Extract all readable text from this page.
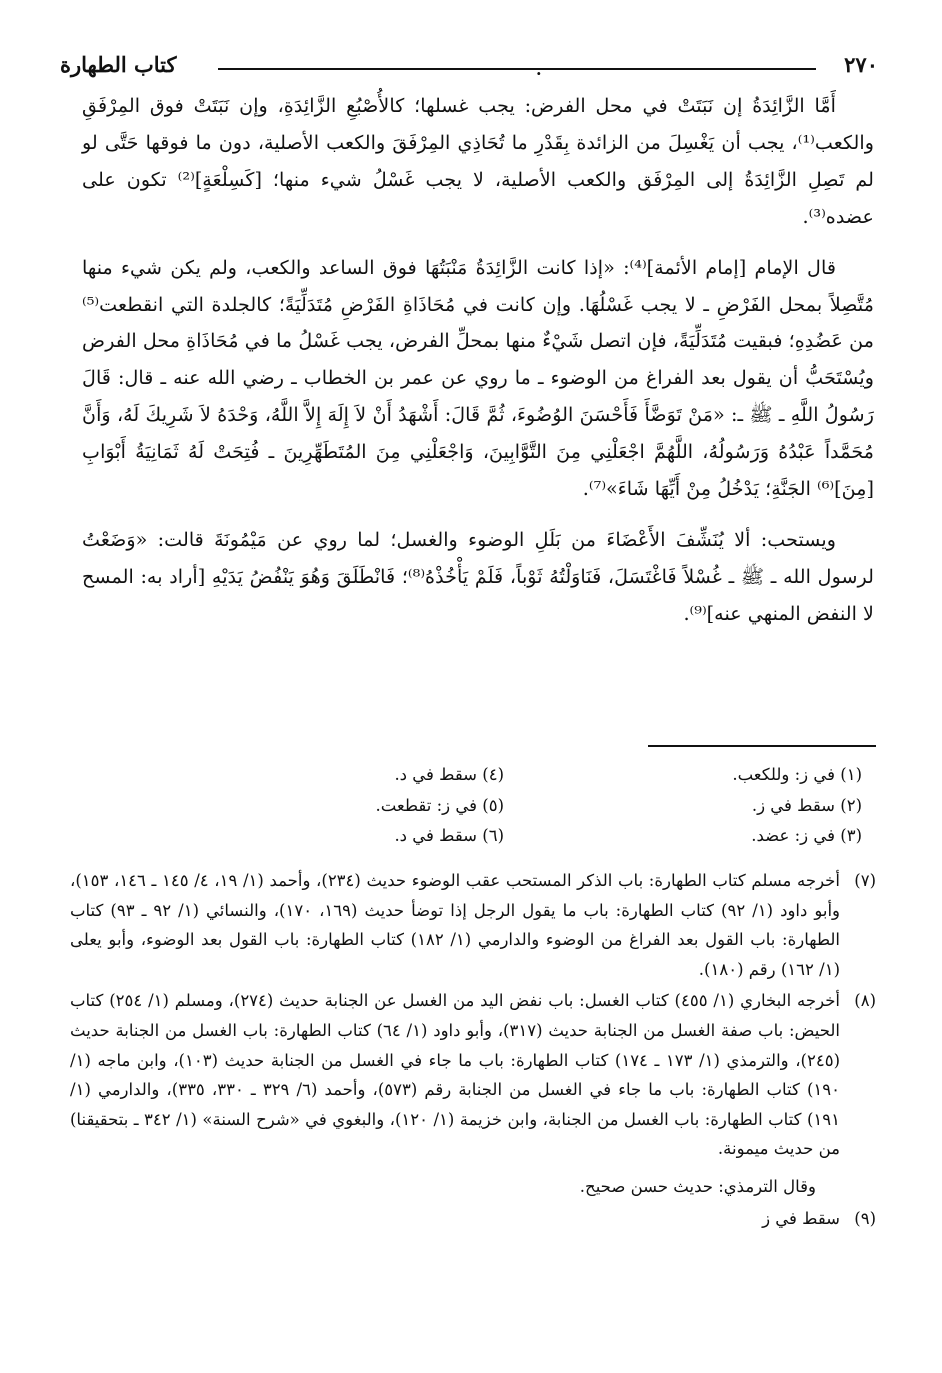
٢٧٠
.
كتاب الطهارة

أَمَّا الزَّائِدَةُ إن نَبَتَتْ في محل الفرض: يجب غسلها؛ كالأُصْبُعِ الزَّائِدَةِ، وإن نَبَتَتْ فوق المِرْفَقِ والكعب⁽¹⁾، يجب أن يَغْسِلَ من الزائدة بِقَدْرِ ما تُحَاذِي المِرْفَقَ والكعب الأصلية، دون ما فوقها حَتَّى لو لم تَصِلِ الزَّائِدَةُ إلى المِرْفَق والكعب الأصلية، لا يجب غَسْلُ شيء منها؛ [كَسِلْعَةٍ]⁽²⁾ تكون على عضده⁽³⁾.

قال الإمام [إمام الأئمة]⁽⁴⁾: «إذا كانت الزَّائِدَةُ مَنْبَتُهَا فوق الساعد والكعب، ولم يكن شيء منها مُتَّصِلاً بمحل الفَرْضِ ـ لا يجب غَسْلُهَا. وإن كانت في مُحَاذَاةِ الفَرْضِ مُتَدَلِّيَةً؛ كالجلدة التي انقطعت⁽⁵⁾ من عَضُدِهِ؛ فبقيت مُتَدَلِّيَةً، فإن اتصل شَيْءٌ منها بمحلِّ الفرض، يجب غَسْلُ ما في مُحَاذَاةِ محل الفرض ويُسْتَحَبُّ أن يقول بعد الفراغ من الوضوء ـ ما روي عن عمر بن الخطاب ـ رضي الله عنه ـ قال: قَالَ رَسُولُ اللَّهِ ـ ﷺ ـ: «مَنْ تَوَضَّأَ فَأَحْسَنَ الوُضُوءَ، ثُمَّ قَالَ: أَشْهَدُ أَنْ لاَ إِلَهَ إِلاَّ اللَّهُ، وَحْدَهُ لاَ شَرِيكَ لَهُ، وَأَنَّ مُحَمَّداً عَبْدُهُ وَرَسُولُهُ، اللَّهُمَّ اجْعَلْنِي مِنَ التَّوَّابِينَ، وَاجْعَلْنِي مِنَ المُتَطَهِّرِينَ ـ فُتِحَتْ لَهُ ثَمَانِيَةُ أَبْوَابِ [مِنَ]⁽⁶⁾ الجَنَّةِ؛ يَدْخُلُ مِنْ أَيِّهَا شَاءَ»⁽⁷⁾.

ويستحب: ألا يُنَشِّفَ الأَعْضَاءَ من بَلَلِ الوضوء والغسل؛ لما روي عن مَيْمُونَةَ قالت: «وَضَعْتُ لرسول الله ـ ﷺ ـ غُسْلاً فَاغْتَسَلَ، فَنَاوَلْتُهُ ثَوْباً، فَلَمْ يَأْخُذْهُ⁽⁸⁾؛ فَانْطَلَقَ وَهُوَ يَنْفُضُ يَدَيْهِ [أراد به: المسح لا النفض المنهي عنه]⁽⁹⁾.

(١) في ز: وللكعب.
(٢) سقط في ز.
(٣) في ز: عضد.
(٤) سقط في د.
(٥) في ز: تقطعت.
(٦) سقط في د.
(٧)
أخرجه مسلم كتاب الطهارة: باب الذكر المستحب عقب الوضوء حديث (٢٣٤)، وأحمد (١/ ١٩، ٤/ ١٤٥ ـ ١٤٦، ١٥٣)، وأبو داود (١/ ٩٢) كتاب الطهارة: باب ما يقول الرجل إذا توضأ حديث (١٦٩، ١٧٠)، والنسائي (١/ ٩٢ ـ ٩٣) كتاب الطهارة: باب القول بعد الفراغ من الوضوء والدارمي (١/ ١٨٢) كتاب الطهارة: باب القول بعد الوضوء، وأبو يعلى (١/ ١٦٢) رقم (١٨٠).
(٨)
أخرجه البخاري (١/ ٤٥٥) كتاب الغسل: باب نفض اليد من الغسل عن الجنابة حديث (٢٧٤)، ومسلم (١/ ٢٥٤) كتاب الحيض: باب صفة الغسل من الجنابة حديث (٣١٧)، وأبو داود (١/ ٦٤) كتاب الطهارة: باب الغسل من الجنابة حديث (٢٤٥)، والترمذي (١/ ١٧٣ ـ ١٧٤) كتاب الطهارة: باب ما جاء في الغسل من الجنابة حديث (١٠٣)، وابن ماجه (١/ ١٩٠) كتاب الطهارة: باب ما جاء في الغسل من الجنابة رقم (٥٧٣)، وأحمد (٦/ ٣٢٩ ـ ٣٣٠، ٣٣٥)، والدارمي (١/ ١٩١) كتاب الطهارة: باب الغسل من الجنابة، وابن خزيمة (١/ ١٢٠)، والبغوي في «شرح السنة» (١/ ٣٤٢ ـ بتحقيقنا) من حديث ميمونة.
وقال الترمذي: حديث حسن صحيح.
(٩)
سقط في ز
